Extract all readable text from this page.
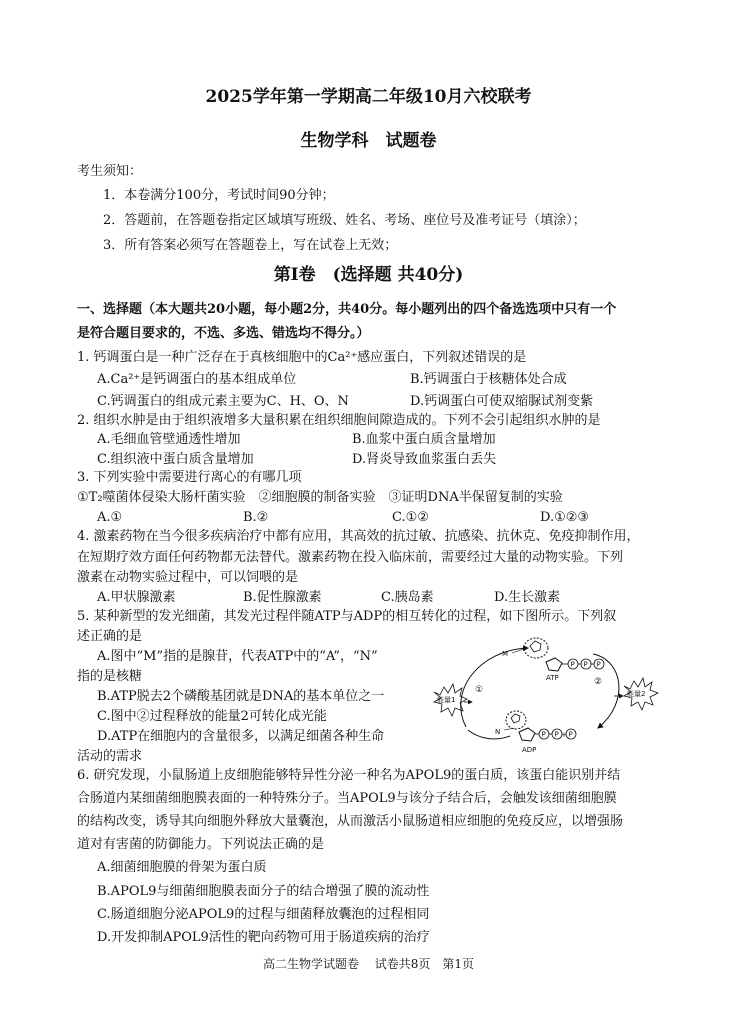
2025学年第一学期高二年级10月六校联考
生物学科　试题卷
考生须知：
1．本卷满分100分，考试时间90分钟；
2．答题前，在答题卷指定区域填写班级、姓名、考场、座位号及准考证号（填涂）；
3．所有答案必须写在答题卷上，写在试卷上无效；
第Ⅰ卷　(选择题 共40分)
一、选择题（本大题共20小题，每小题2分，共40分。每小题列出的四个备选选项中只有一个
是符合题目要求的，不选、多选、错选均不得分。）
1. 钙调蛋白是一种广泛存在于真核细胞中的Ca²⁺感应蛋白，下列叙述错误的是
A.Ca²⁺是钙调蛋白的基本组成单位	B.钙调蛋白于核糖体处合成
C.钙调蛋白的组成元素主要为C、H、O、N	D.钙调蛋白可使双缩脲试剂变紫
2. 组织水肿是由于组织液增多大量积累在组织细胞间隙造成的。下列不会引起组织水肿的是
A.毛细血管壁通透性增加	B.血浆中蛋白质含量增加
C.组织液中蛋白质含量增加	D.肾炎导致血浆蛋白丢失
3. 下列实验中需要进行离心的有哪几项
①T₂噬菌体侵染大肠杆菌实验　②细胞膜的制备实验　③证明DNA半保留复制的实验
A.①	B.②	C.①②	D.①②③
4. 激素药物在当今很多疾病治疗中都有应用，其高效的抗过敏、抗感染、抗休克、免疫抑制作用，
在短期疗效方面任何药物都无法替代。激素药物在投入临床前，需要经过大量的动物实验。下列
激素在动物实验过程中，可以饲喂的是
A.甲状腺激素	B.促性腺激素	C.胰岛素	D.生长激素
5. 某种新型的发光细菌，其发光过程伴随ATP与ADP的相互转化的过程，如下图所示。下列叙
述正确的是
A.图中“M”指的是腺苷，代表ATP中的“A”，“N”
指的是核糖
B.ATP脱去2个磷酸基团就是DNA的基本单位之一
C.图中②过程释放的能量2可转化成光能
D.ATP在细胞内的含量很多，以满足细菌各种生命
活动的需求
P P P
ATP
M
+
P P P
ADP
N
①
②
能量1
能量2
6. 研究发现，小鼠肠道上皮细胞能够特异性分泌一种名为APOL9的蛋白质，该蛋白能识别并结
合肠道内某细菌细胞膜表面的一种特殊分子。当APOL9与该分子结合后，会触发该细菌细胞膜
的结构改变，诱导其向细胞外释放大量囊泡，从而激活小鼠肠道相应细胞的免疫反应，以增强肠
道对有害菌的防御能力。下列说法正确的是
A.细菌细胞膜的骨架为蛋白质
B.APOL9与细菌细胞膜表面分子的结合增强了膜的流动性
C.肠道细胞分泌APOL9的过程与细菌释放囊泡的过程相同
D.开发抑制APOL9活性的靶向药物可用于肠道疾病的治疗
高二生物学试题卷　 试卷共8页　第1页
